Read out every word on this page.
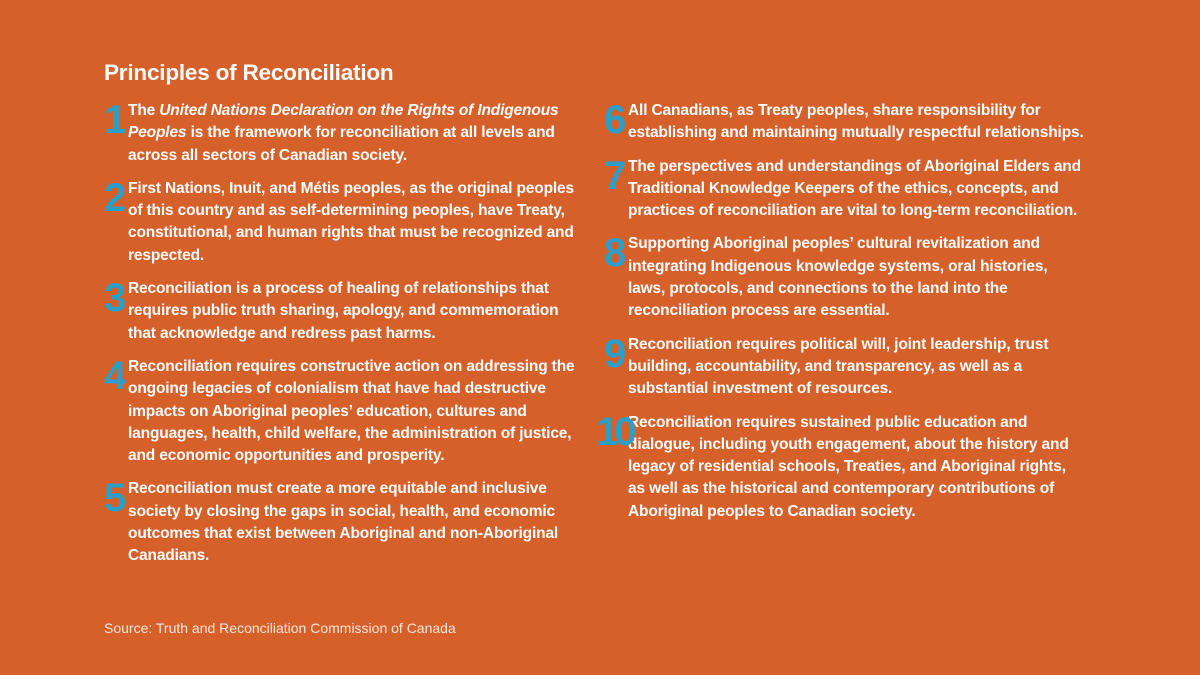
Principles of Reconciliation
1 The United Nations Declaration on the Rights of Indigenous Peoples is the framework for reconciliation at all levels and across all sectors of Canadian society.
2 First Nations, Inuit, and Métis peoples, as the original peoples of this country and as self-determining peoples, have Treaty, constitutional, and human rights that must be recognized and respected.
3 Reconciliation is a process of healing of relationships that requires public truth sharing, apology, and commemoration that acknowledge and redress past harms.
4 Reconciliation requires constructive action on addressing the ongoing legacies of colonialism that have had destructive impacts on Aboriginal peoples’ education, cultures and languages, health, child welfare, the administration of justice, and economic opportunities and prosperity.
5 Reconciliation must create a more equitable and inclusive society by closing the gaps in social, health, and economic outcomes that exist between Aboriginal and non-Aboriginal Canadians.
6 All Canadians, as Treaty peoples, share responsibility for establishing and maintaining mutually respectful relationships.
7 The perspectives and understandings of Aboriginal Elders and Traditional Knowledge Keepers of the ethics, concepts, and practices of reconciliation are vital to long-term reconciliation.
8 Supporting Aboriginal peoples’ cultural revitalization and integrating Indigenous knowledge systems, oral histories, laws, protocols, and connections to the land into the reconciliation process are essential.
9 Reconciliation requires political will, joint leadership, trust building, accountability, and transparency, as well as a substantial investment of resources.
10
Reconciliation requires sustained public education and dialogue, including youth engagement, about the history and legacy of residential schools, Treaties, and Aboriginal rights, as well as the historical and contemporary contributions of Aboriginal peoples to Canadian society.
Source: Truth and Reconciliation Commission of Canada
